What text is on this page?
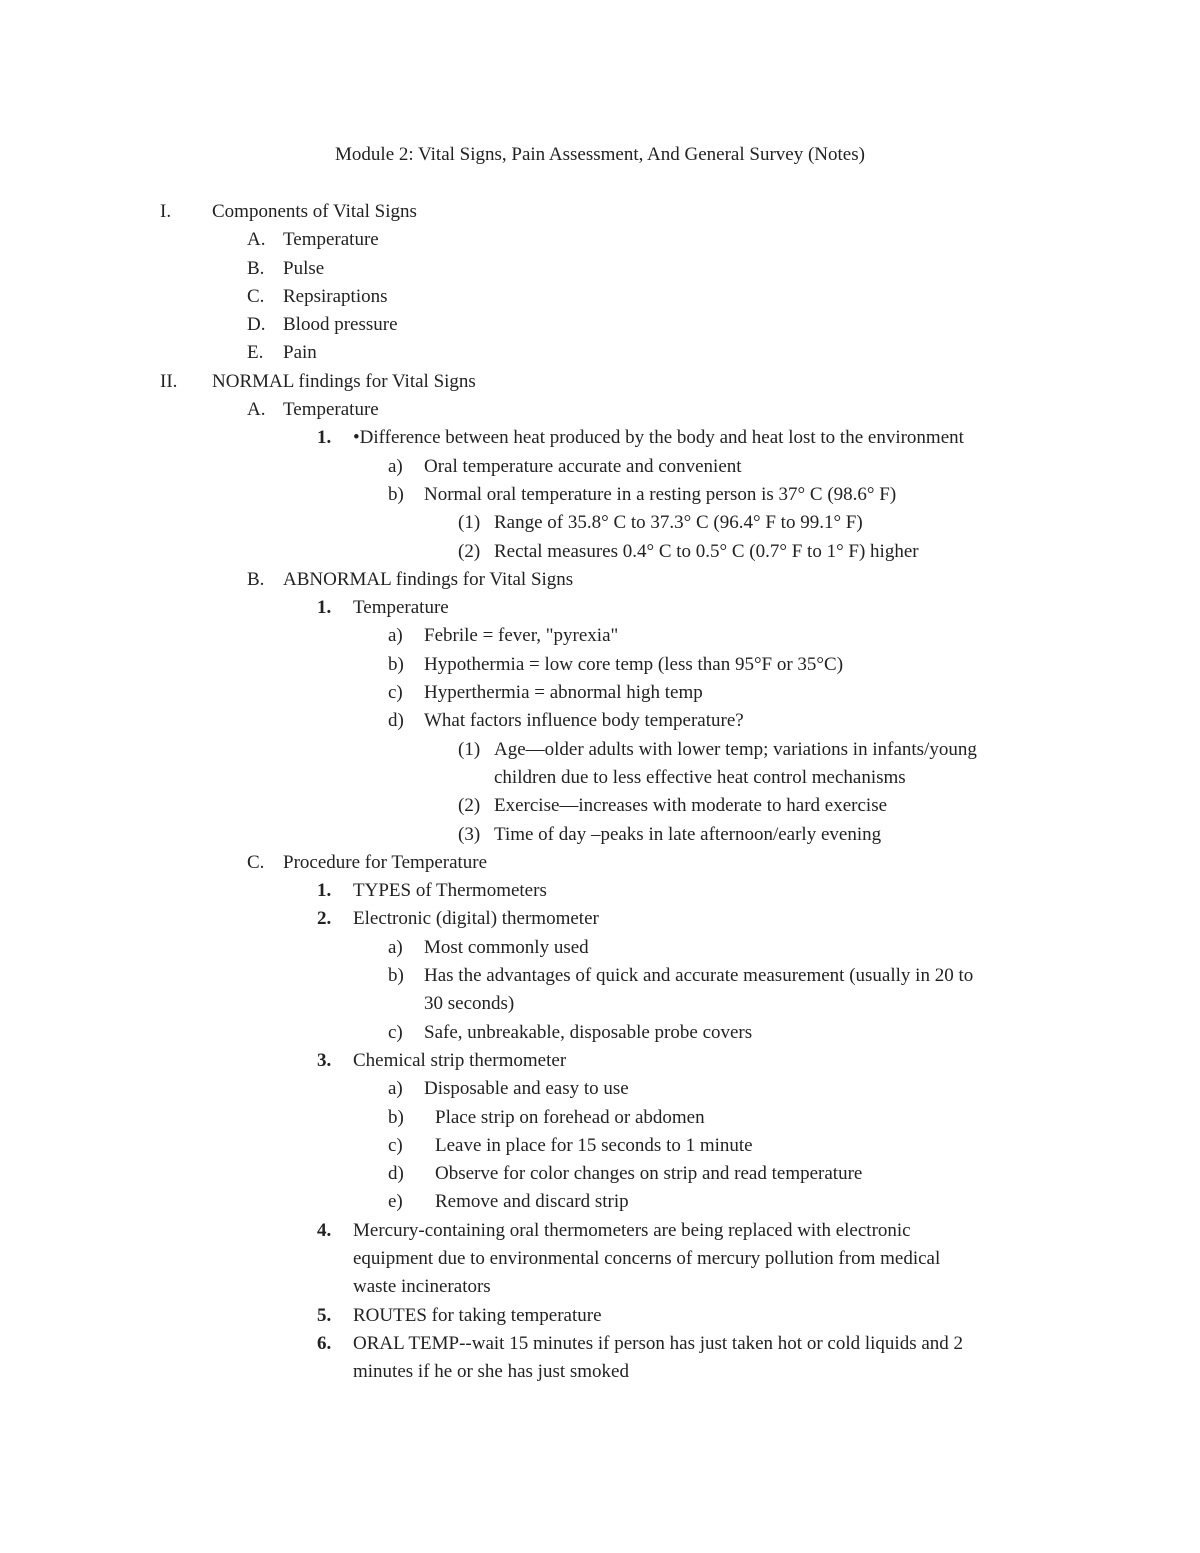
Module 2: Vital Signs, Pain Assessment, And General Survey (Notes)
I. Components of Vital Signs
A. Temperature
B. Pulse
C. Repsiraptions
D. Blood pressure
E. Pain
II. NORMAL findings for Vital Signs
A. Temperature
1. •Difference between heat produced by the body and heat lost to the environment
a) Oral temperature accurate and convenient
b) Normal oral temperature in a resting person is 37° C (98.6° F)
(1) Range of 35.8° C to 37.3° C (96.4° F to 99.1° F)
(2) Rectal measures 0.4° C to 0.5° C (0.7° F to 1° F) higher
B. ABNORMAL findings for Vital Signs
1. Temperature
a) Febrile = fever, "pyrexia"
b) Hypothermia = low core temp (less than 95°F or 35°C)
c) Hyperthermia = abnormal high temp
d) What factors influence body temperature?
(1) Age—older adults with lower temp; variations in infants/young
children due to less effective heat control mechanisms
(2) Exercise—increases with moderate to hard exercise
(3) Time of day –peaks in late afternoon/early evening
C. Procedure for Temperature
1. TYPES of Thermometers
2. Electronic (digital) thermometer
a) Most commonly used
b) Has the advantages of quick and accurate measurement (usually in 20 to
30 seconds)
c) Safe, unbreakable, disposable probe covers
3. Chemical strip thermometer
a) Disposable and easy to use
b) Place strip on forehead or abdomen
c) Leave in place for 15 seconds to 1 minute
d) Observe for color changes on strip and read temperature
e) Remove and discard strip
4. Mercury-containing oral thermometers are being replaced with electronic
equipment due to environmental concerns of mercury pollution from medical
waste incinerators
5. ROUTES for taking temperature
6. ORAL TEMP--wait 15 minutes if person has just taken hot or cold liquids and 2
minutes if he or she has just smoked
